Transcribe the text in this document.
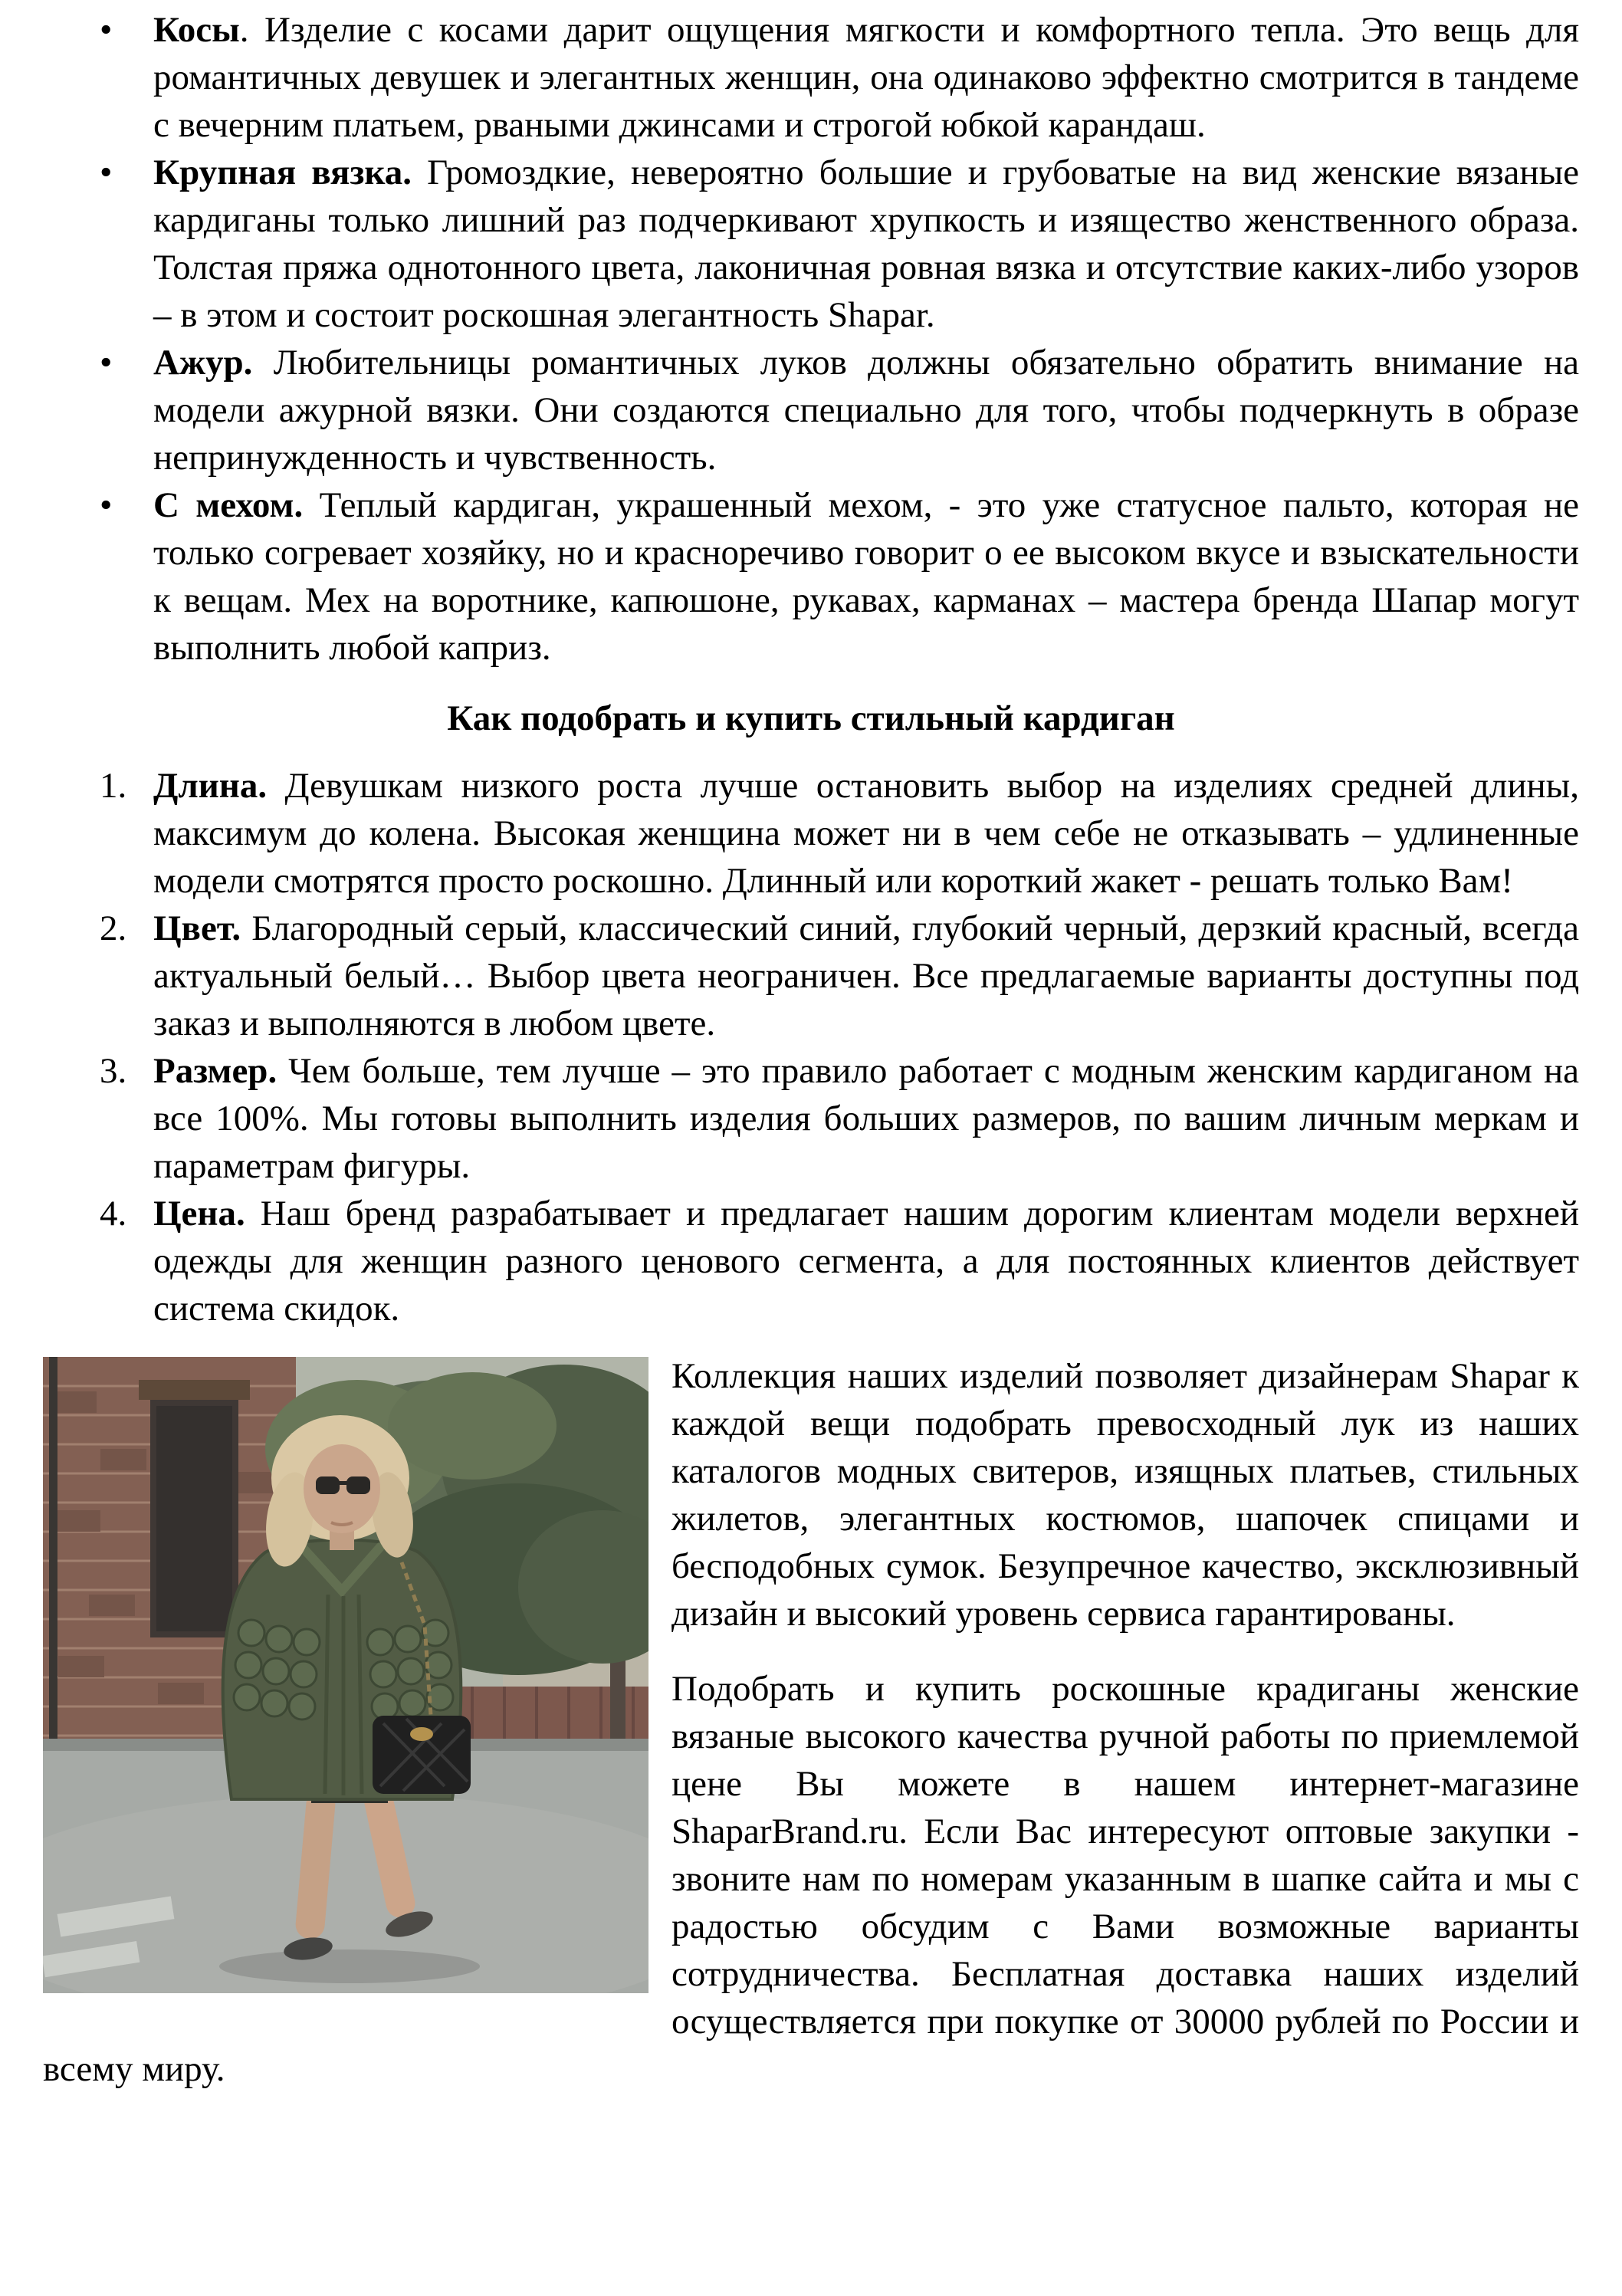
•	Косы. Изделие с косами дарит ощущения мягкости и комфортного тепла. Это вещь для романтичных девушек и элегантных женщин, она одинаково эффектно смотрится в тандеме с вечерним платьем, рваными джинсами и строгой юбкой карандаш.

•	Крупная вязка. Громоздкие, невероятно большие и грубоватые на вид женские вязаные кардиганы только лишний раз подчеркивают хрупкость и изящество женственного образа. Толстая пряжа однотонного цвета, лаконичная ровная вязка и отсутствие каких-либо узоров – в этом и состоит роскошная элегантность Shapar.

•	Ажур. Любительницы романтичных луков должны обязательно обратить внимание на модели ажурной вязки. Они создаются специально для того, чтобы подчеркнуть в образе непринужденность и чувственность.

•	С мехом. Теплый кардиган, украшенный мехом, - это уже статусное пальто, которая не только согревает хозяйку, но и красноречиво говорит о ее высоком вкусе и взыскательности к вещам. Мех на воротнике, капюшоне, рукавах, карманах – мастера бренда Шапар могут выполнить любой каприз.

Как подобрать и купить стильный кардиган
1. Длина. Девушкам низкого роста лучше остановить выбор на изделиях средней длины, максимум до колена. Высокая женщина может ни в чем себе не отказывать – удлиненные модели смотрятся просто роскошно. Длинный или короткий жакет - решать только Вам!

2. Цвет. Благородный серый, классический синий, глубокий черный, дерзкий красный, всегда актуальный белый… Выбор цвета неограничен. Все предлагаемые варианты доступны под заказ и выполняются в любом цвете.

3. Размер. Чем больше, тем лучше – это правило работает с модным женским кардиганом на все 100%. Мы готовы выполнить изделия больших размеров, по вашим личным меркам и параметрам фигуры.

4. Цена. Наш бренд разрабатывает и предлагает нашим дорогим клиентам модели верхней одежды для женщин разного ценового сегмента, а для постоянных клиентов действует система скидок.

Коллекция наших изделий позволяет дизайнерам Shapar к каждой вещи подобрать превосходный лук из наших каталогов модных свитеров, изящных платьев, стильных жилетов, элегантных костюмов, шапочек спицами и бесподобных сумок. Безупречное качество, эксклюзивный дизайн и высокий уровень сервиса гарантированы.

Подобрать и купить роскошные крадиганы женские вязаные высокого качества ручной работы по приемлемой цене Вы можете в нашем интернет-магазине ShaparBrand.ru. Если Вас интересуют оптовые закупки - звоните нам по номерам указанным в шапке сайта и мы с радостью обсудим с Вами возможные варианты сотрудничества. Бесплатная доставка наших изделий осуществляется при покупке от 30000 рублей по России и всему миру.
